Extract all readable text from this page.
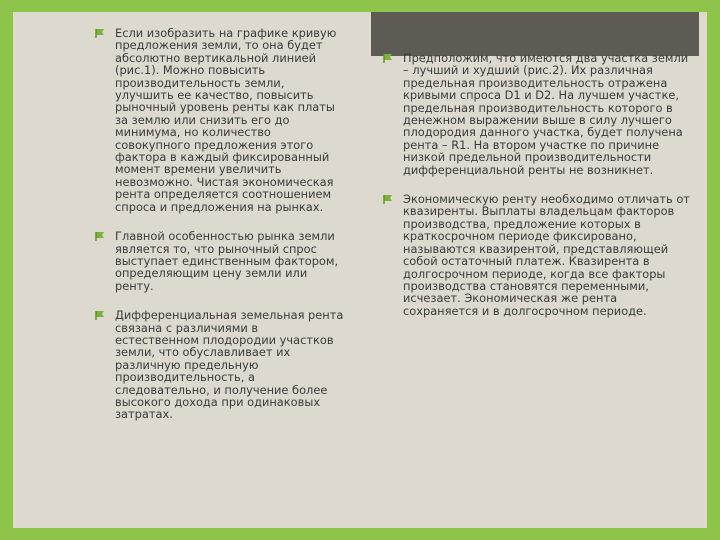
Если изобразить на графике кривую предложения земли, то она будет абсолютно вертикальной линией (рис.1). Можно повысить производительность земли, улучшить ее качество, повысить рыночный уровень ренты как платы за землю или снизить его до минимума, но количество совокупного предложения этого фактора в каждый фиксированный момент времени увеличить невозможно. Чистая экономическая рента определяется соотношением спроса и предложения на рынках.
Главной особенностью рынка земли является то, что рыночный спрос выступает единственным фактором, определяющим цену земли или ренту.
Дифференциальная земельная рента связана с различиями в естественном плодородии участков земли, что обуславливает их различную предельную производительность, а следовательно, и получение более высокого дохода при одинаковых затратах.
Предположим, что имеются два участка земли – лучший и худший (рис.2). Их различная предельная производительность отражена кривыми спроса D1 и D2. На лучшем участке, предельная производительность которого в денежном выражении выше в силу лучшего плодородия данного участка, будет получена рента – R1. На втором участке по причине низкой предельной производительности дифференциальной ренты не возникнет.
Экономическую ренту необходимо отличать от квазиренты. Выплаты владельцам факторов производства, предложение которых в краткосрочном периоде фиксировано, называются квазирентой, представляющей собой остаточный платеж. Квазирента в долгосрочном периоде, когда все факторы производства становятся переменными, исчезает. Экономическая же рента сохраняется и в долгосрочном периоде.
